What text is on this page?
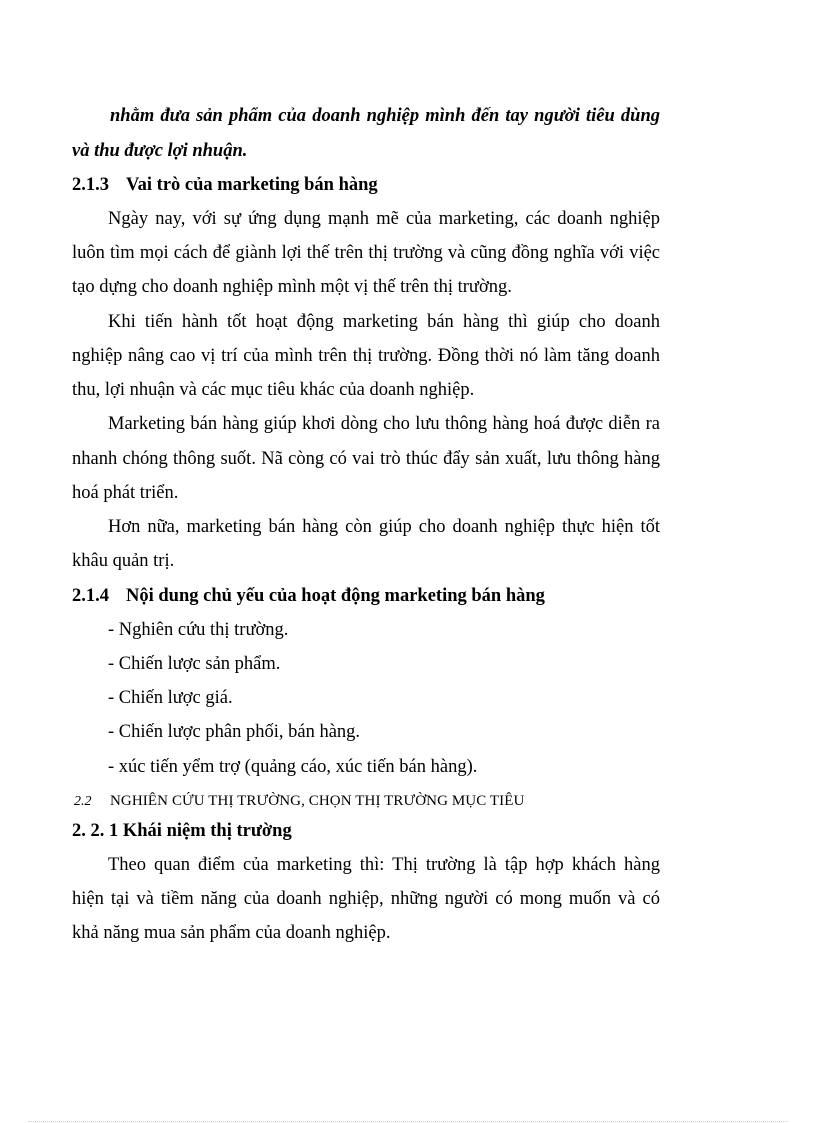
nhằm đưa sản phẩm của doanh nghiệp mình đến tay người tiêu dùng
và thu được lợi nhuận.
2.1.3 Vai trò của marketing bán hàng
Ngày nay, với sự ứng dụng mạnh mẽ của marketing, các doanh nghiệp
luôn tìm mọi cách để giành lợi thế trên thị trường và cũng đồng nghĩa với việc
tạo dựng cho doanh nghiệp mình một vị thế trên thị trường.
Khi tiến hành tốt hoạt động marketing bán hàng thì giúp cho doanh
nghiệp nâng cao vị trí của mình trên thị trường. Đồng thời nó làm tăng doanh
thu, lợi nhuận và các mục tiêu khác của doanh nghiệp.
Marketing bán hàng giúp khơi dòng cho lưu thông hàng hoá được diễn ra
nhanh chóng thông suốt. Nã còng có vai trò thúc đẩy sản xuất, lưu thông hàng
hoá phát triển.
Hơn nữa, marketing bán hàng còn giúp cho doanh nghiệp thực hiện tốt
khâu quản trị.
2.1.4 Nội dung chủ yếu của hoạt động marketing bán hàng
- Nghiên cứu thị trường.
- Chiến lược sản phẩm.
- Chiến lược giá.
- Chiến lược phân phối, bán hàng.
- xúc tiến yểm trợ (quảng cáo, xúc tiến bán hàng).
2.2 NGHIÊN CỨU THỊ TRƯỜNG, CHỌN THỊ TRƯỜNG MỤC TIÊU
2. 2. 1 Khái niệm thị trường
Theo quan điểm của marketing thì: Thị trường là tập hợp khách hàng
hiện tại và tiềm năng của doanh nghiệp, những người có mong muốn và có
khả năng mua sản phẩm của doanh nghiệp.
